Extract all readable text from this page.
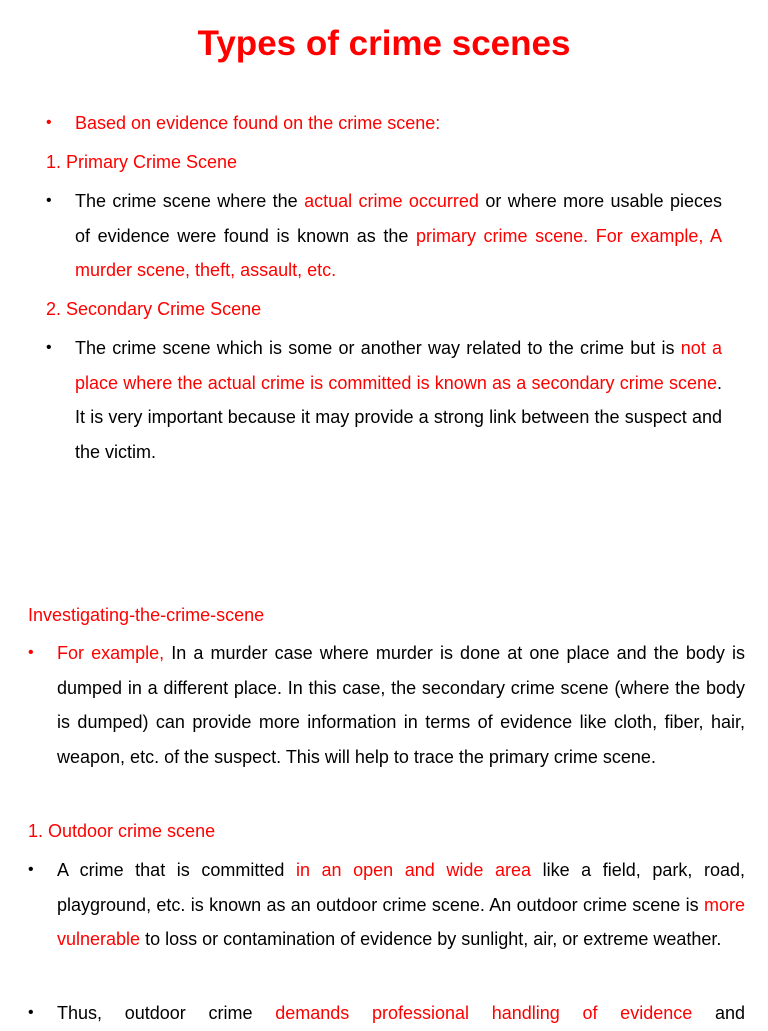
Types of crime scenes
• Based on evidence found on the crime scene:
1. Primary Crime Scene
• The crime scene where the actual crime occurred or where more usable pieces of evidence were found is known as the primary crime scene. For example, A murder scene, theft, assault, etc.
2. Secondary Crime Scene
• The crime scene which is some or another way related to the crime but is not a place where the actual crime is committed is known as a secondary crime scene. It is very important because it may provide a strong link between the suspect and the victim.
Investigating-the-crime-scene
• For example, In a murder case where murder is done at one place and the body is dumped in a different place. In this case, the secondary crime scene (where the body is dumped) can provide more information in terms of evidence like cloth, fiber, hair, weapon, etc. of the suspect. This will help to trace the primary crime scene.
1. Outdoor crime scene
• A crime that is committed in an open and wide area like a field, park, road, playground, etc. is known as an outdoor crime scene. An outdoor crime scene is more vulnerable to loss or contamination of evidence by sunlight, air, or extreme weather.
• Thus, outdoor crime demands professional handling of evidence and
